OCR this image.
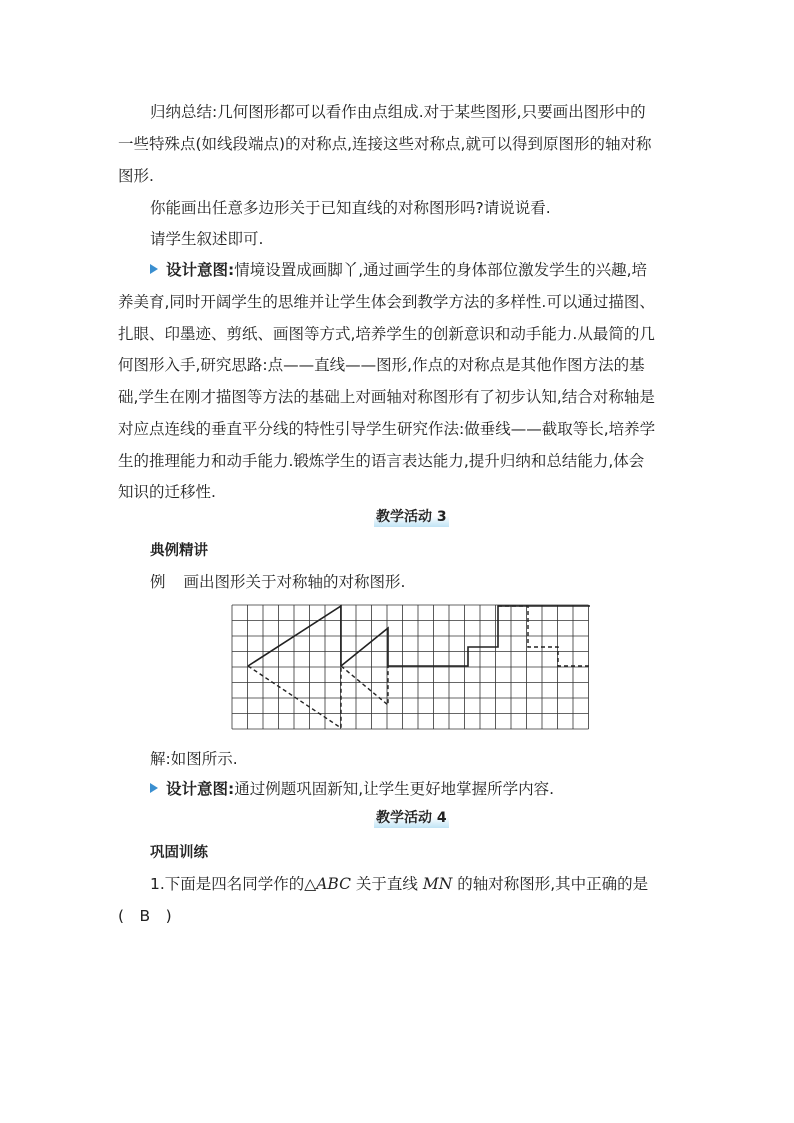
归纳总结:几何图形都可以看作由点组成.对于某些图形,只要画出图形中的
一些特殊点(如线段端点)的对称点,连接这些对称点,就可以得到原图形的轴对称
图形.
你能画出任意多边形关于已知直线的对称图形吗?请说说看.
请学生叙述即可.
设计意图:情境设置成画脚丫,通过画学生的身体部位激发学生的兴趣,培
养美育,同时开阔学生的思维并让学生体会到教学方法的多样性.可以通过描图、
扎眼、印墨迹、剪纸、画图等方式,培养学生的创新意识和动手能力.从最简的几
何图形入手,研究思路:点——直线——图形,作点的对称点是其他作图方法的基
础,学生在刚才描图等方法的基础上对画轴对称图形有了初步认知,结合对称轴是
对应点连线的垂直平分线的特性引导学生研究作法:做垂线——截取等长,培养学
生的推理能力和动手能力.锻炼学生的语言表达能力,提升归纳和总结能力,体会
知识的迁移性.
教学活动 3
典例精讲
例 画出图形关于对称轴的对称图形.
解:如图所示.
设计意图:通过例题巩固新知,让学生更好地掌握所学内容.
教学活动 4
巩固训练
1.下面是四名同学作的△ABC 关于直线 MN 的轴对称图形,其中正确的是
( B )
